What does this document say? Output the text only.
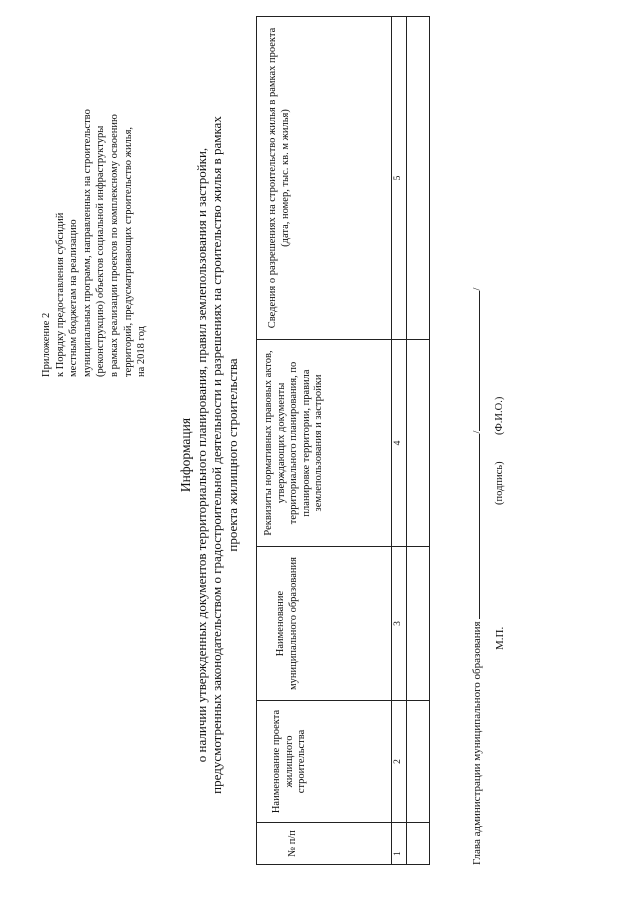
Приложение 2 к Порядку предоставления субсидий местным бюджетам на реализацию муниципальных программ, направленных на строительство (реконструкцию) объектов социальной инфраструктуры в рамках реализации проектов по комплексному освоению территорий, предусматривающих строительство жилья, на 2018 год
Информация о наличии утвержденных документов территориального планирования, правил землепользования и застройки, предусмотренных законодательством о градостроительной деятельности и разрешениях на строительство жилья в рамках проекта жилищного строительства
№ п/п	Наименование проекта жилищного строительства	Наименование муниципального образования	Реквизиты нормативных правовых актов, утверждающих документы территориального планирования, по планировке территории, правила землепользования и застройки	Сведения о разрешениях на строительство жилья в рамках проекта (дата, номер, тыс. кв. м жилья)
1	2	3	4	5

Глава администрации муниципального образования //
М.П.
(подпись)
(Ф.И.О.)
